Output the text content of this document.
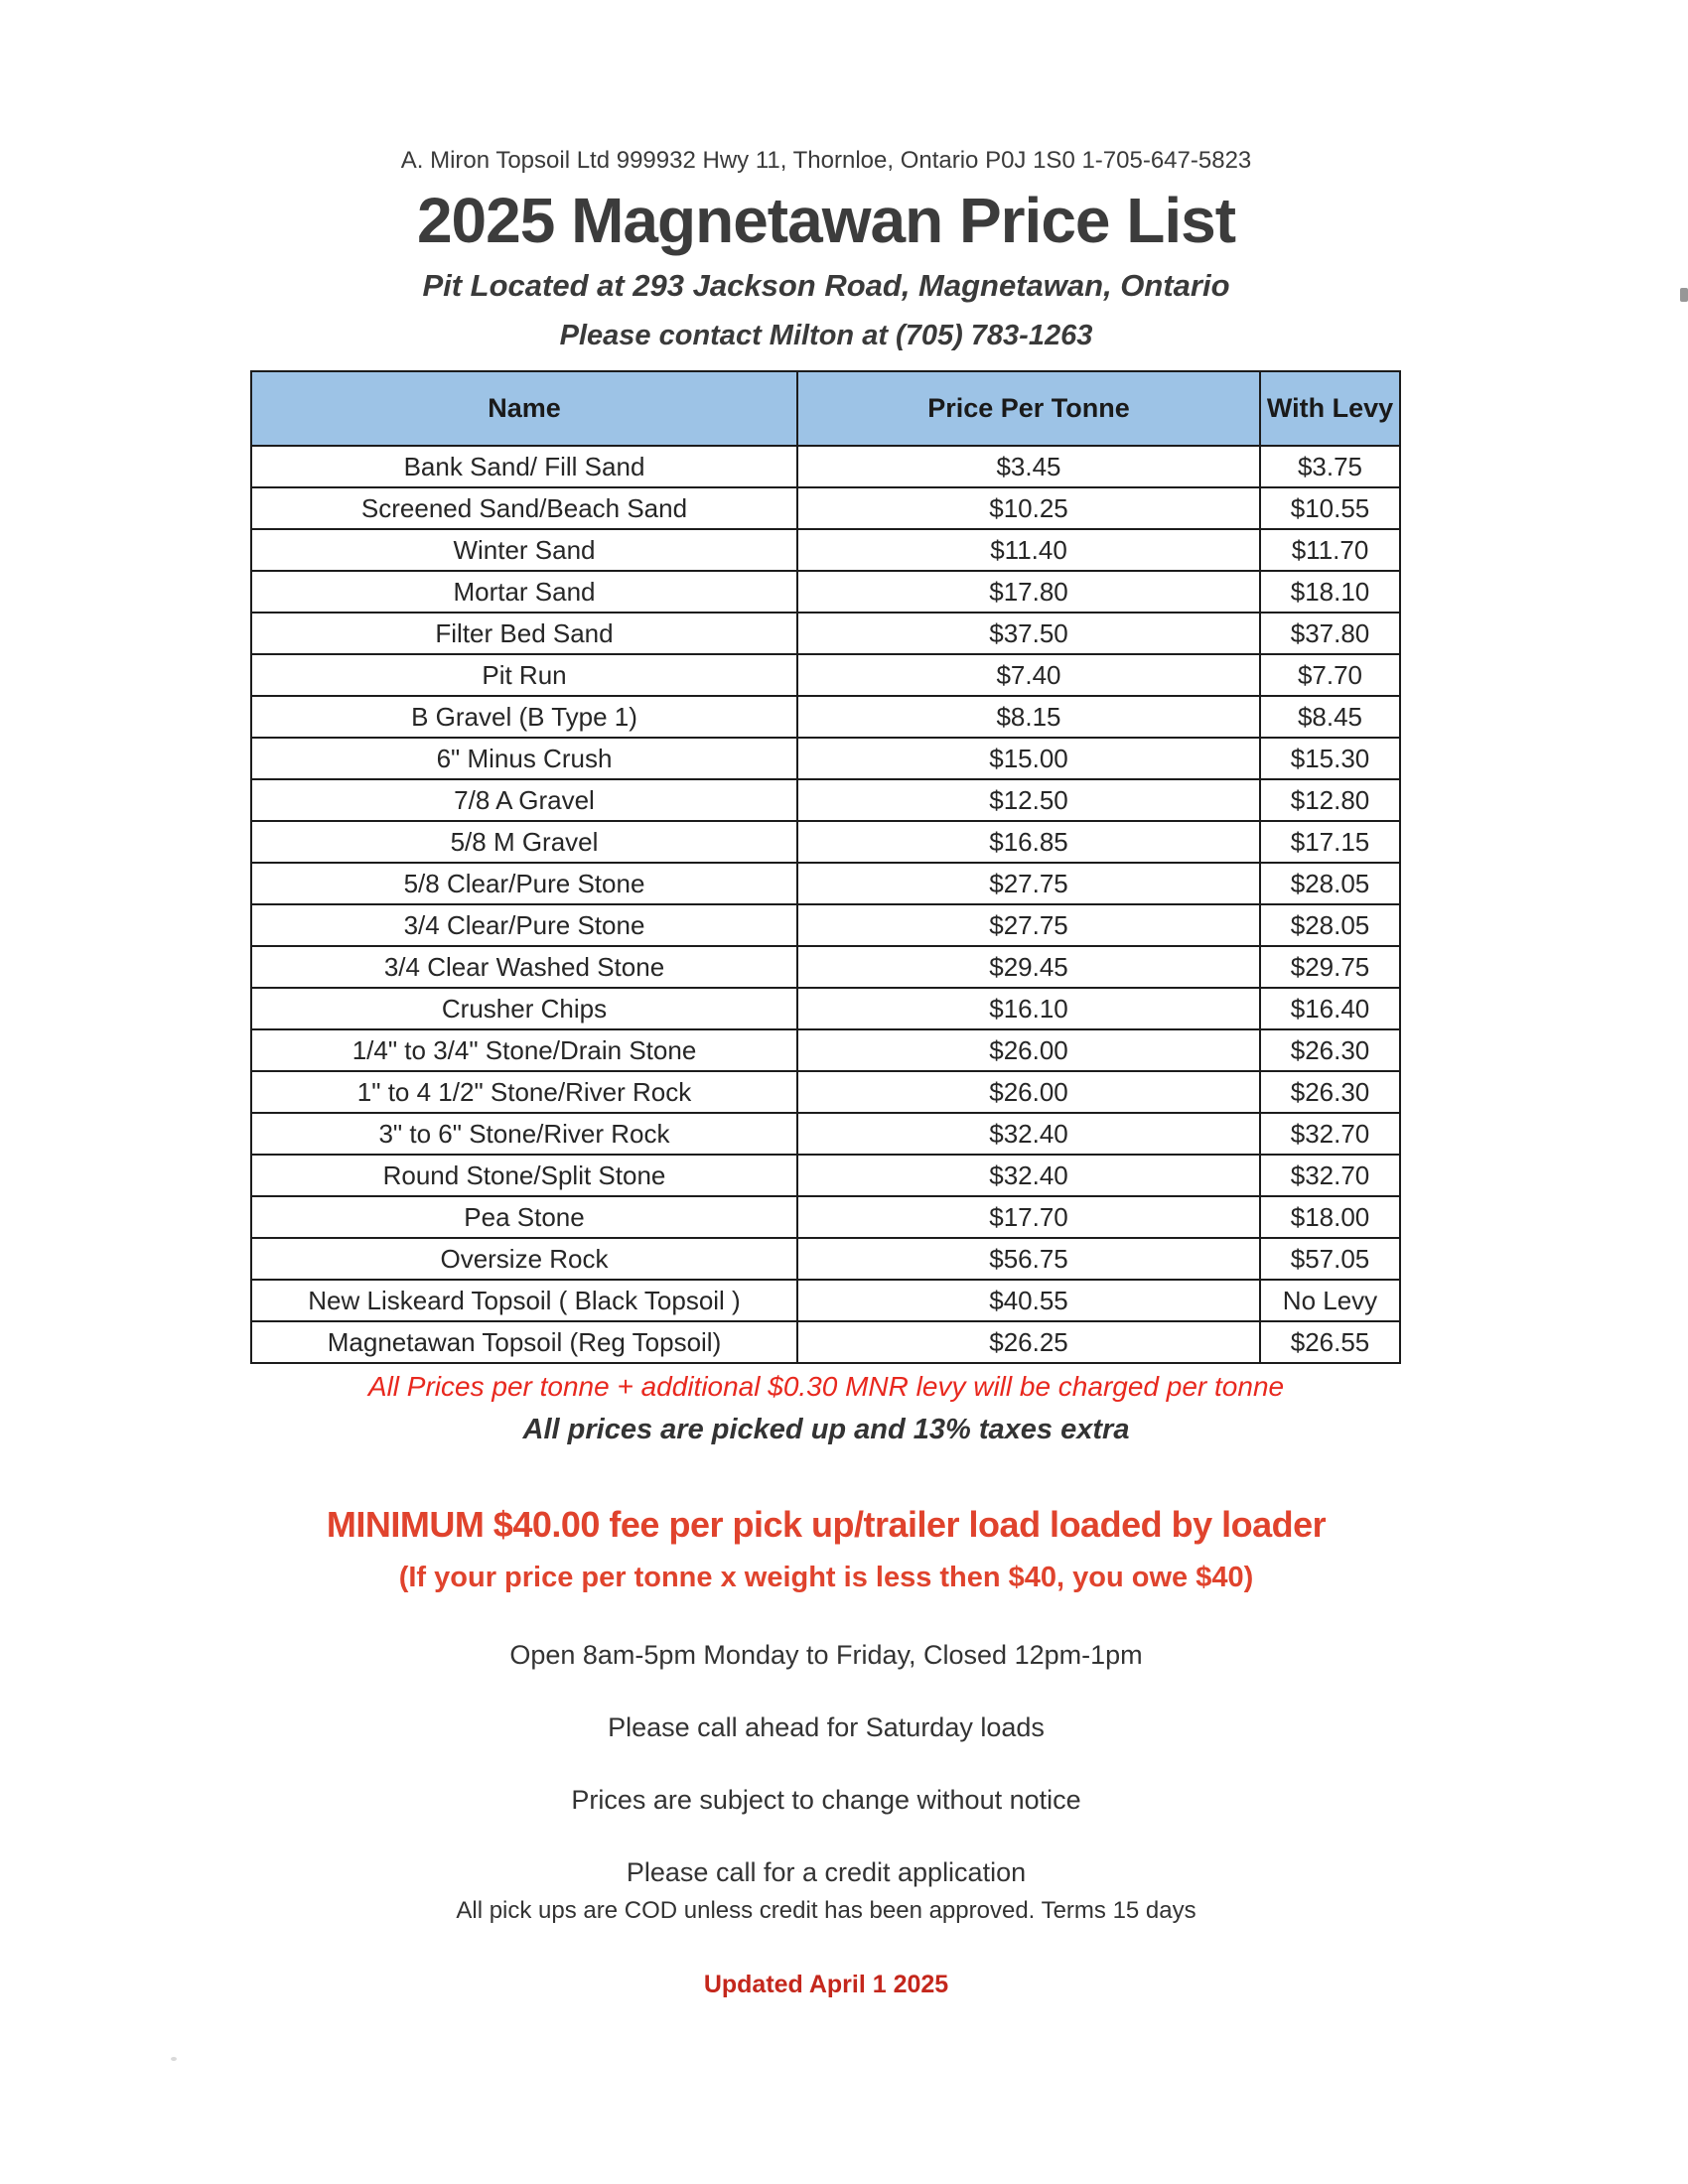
A. Miron Topsoil Ltd 999932 Hwy 11, Thornloe, Ontario P0J 1S0 1-705-647-5823
2025 Magnetawan Price List
Pit Located at 293 Jackson Road, Magnetawan, Ontario
Please contact Milton at (705) 783-1263
Name	Price Per Tonne	With Levy
Bank Sand/ Fill Sand	$3.45	$3.75
Screened Sand/Beach Sand	$10.25	$10.55
Winter Sand	$11.40	$11.70
Mortar Sand	$17.80	$18.10
Filter Bed Sand	$37.50	$37.80
Pit Run	$7.40	$7.70
B Gravel (B Type 1)	$8.15	$8.45
6" Minus Crush	$15.00	$15.30
7/8 A Gravel	$12.50	$12.80
5/8 M Gravel	$16.85	$17.15
5/8 Clear/Pure Stone	$27.75	$28.05
3/4 Clear/Pure Stone	$27.75	$28.05
3/4 Clear Washed Stone	$29.45	$29.75
Crusher Chips	$16.10	$16.40
1/4" to 3/4" Stone/Drain Stone	$26.00	$26.30
1" to 4 1/2" Stone/River Rock	$26.00	$26.30
3" to 6" Stone/River Rock	$32.40	$32.70
Round Stone/Split Stone	$32.40	$32.70
Pea Stone	$17.70	$18.00
Oversize Rock	$56.75	$57.05
New Liskeard Topsoil ( Black Topsoil )	$40.55	No Levy
Magnetawan Topsoil (Reg Topsoil)	$26.25	$26.55
All Prices per tonne + additional $0.30 MNR levy will be charged per tonne
All prices are picked up and 13% taxes extra
MINIMUM $40.00 fee per pick up/trailer load loaded by loader
(If your price per tonne x weight is less then $40, you owe $40)
Open 8am-5pm Monday to Friday, Closed 12pm-1pm
Please call ahead for Saturday loads
Prices are subject to change without notice
Please call for a credit application
All pick ups are COD unless credit has been approved. Terms 15 days
Updated April 1 2025
